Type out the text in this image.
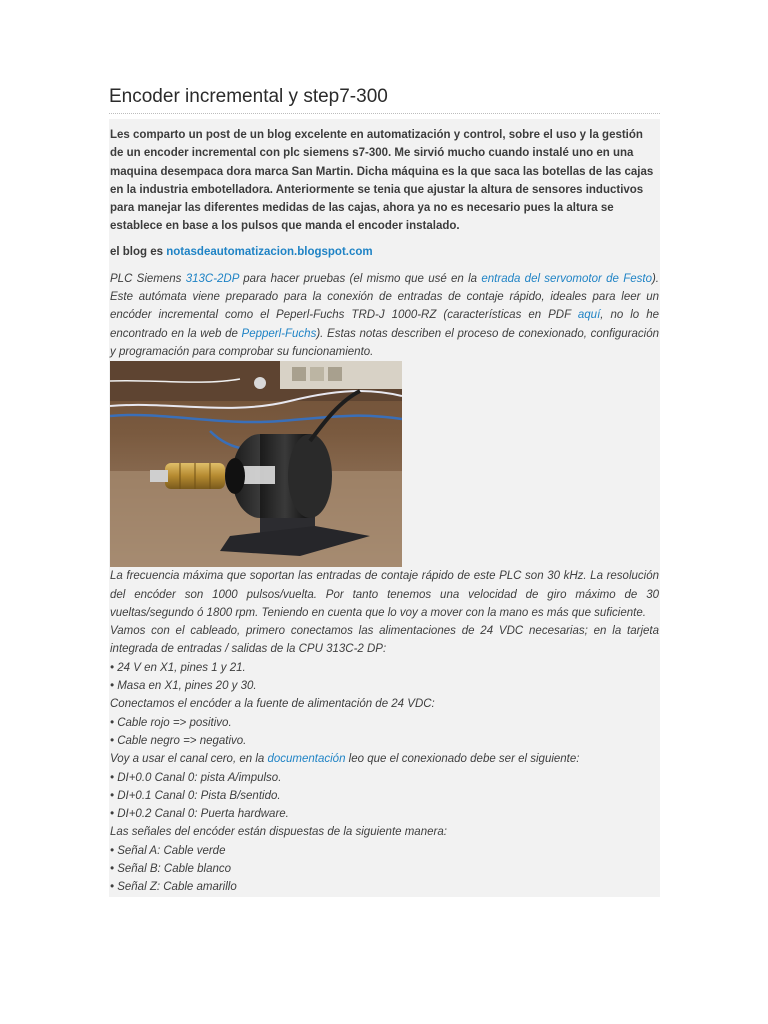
Encoder incremental y step7-300

Les comparto un post de un blog excelente en automatización y control, sobre el uso y la gestión de un encoder incremental con plc siemens s7-300. Me sirvió mucho cuando instalé uno en una maquina desempaca dora marca San Martin. Dicha máquina es la que saca las botellas de las cajas en la industria embotelladora. Anteriormente se tenia que ajustar la altura de sensores inductivos para manejar las diferentes medidas de las cajas, ahora ya no es necesario pues la altura se establece en base a los pulsos que manda el encoder instalado.

el blog es notasdeautomatizacion.blogspot.com

PLC Siemens 313C-2DP para hacer pruebas (el mismo que usé en la entrada del servomotor de Festo). Este autómata viene preparado para la conexión de entradas de contaje rápido, ideales para leer un encóder incremental como el Peperl-Fuchs TRD-J 1000-RZ (características en PDF aquí, no lo he encontrado en la web de Pepperl-Fuchs). Estas notas describen el proceso de conexionado, configuración y programación para comprobar su funcionamiento.

La frecuencia máxima que soportan las entradas de contaje rápido de este PLC son 30 kHz. La resolución del encóder son 1000 pulsos/vuelta. Por tanto tenemos una velocidad de giro máximo de 30 vueltas/segundo ó 1800 rpm. Teniendo en cuenta que lo voy a mover con la mano es más que suficiente.

Vamos con el cableado, primero conectamos las alimentaciones de 24 VDC necesarias; en la tarjeta integrada de entradas / salidas de la CPU 313C-2 DP:

• 24 V en X1, pines 1 y 21.

• Masa en X1, pines 20 y 30.

Conectamos el encóder a la fuente de alimentación de 24 VDC:

• Cable rojo => positivo.

• Cable negro => negativo.

Voy a usar el canal cero, en la documentación leo que el conexionado debe ser el siguiente:

• DI+0.0 Canal 0: pista A/impulso.

• DI+0.1 Canal 0: Pista B/sentido.

• DI+0.2 Canal 0: Puerta hardware.

Las señales del encóder están dispuestas de la siguiente manera:

• Señal A: Cable verde

• Señal B: Cable blanco

• Señal Z: Cable amarillo
